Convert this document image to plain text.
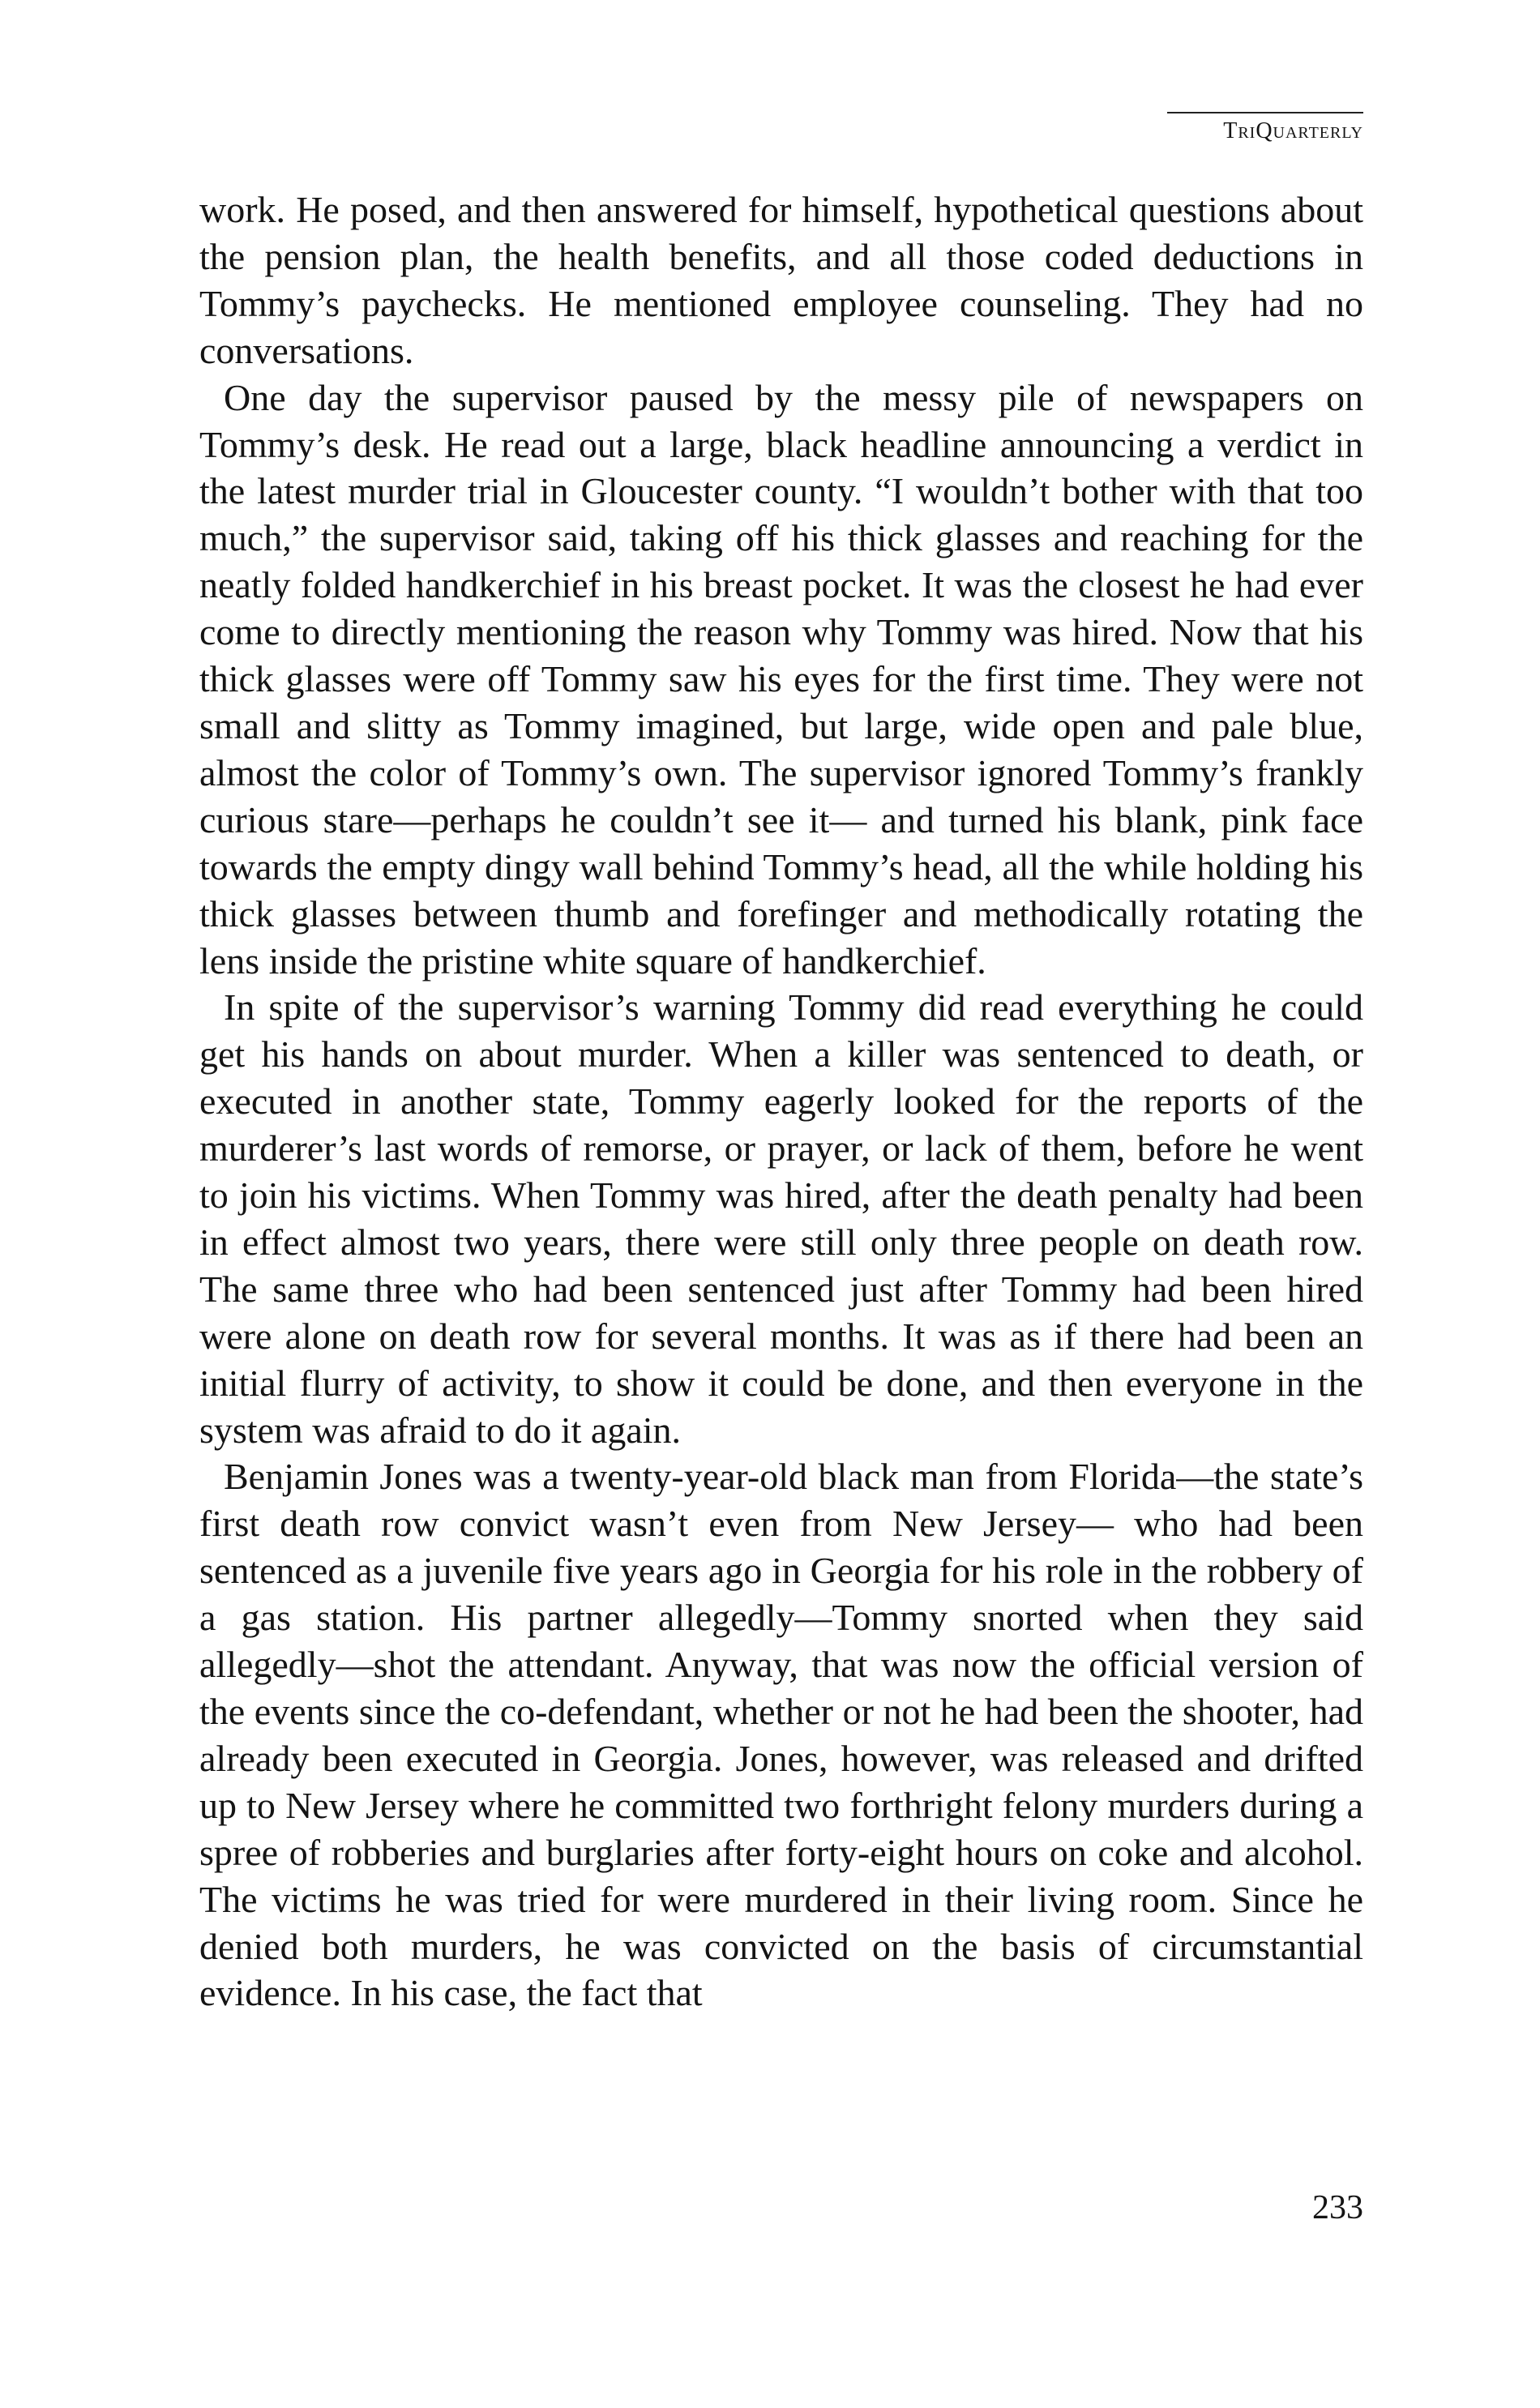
TriQuarterly

work. He posed, and then answered for himself, hypothetical questions about the pension plan, the health benefits, and all those coded deductions in Tommy’s paychecks. He mentioned employee counseling. They had no conversations.

One day the supervisor paused by the messy pile of newspapers on Tommy’s desk. He read out a large, black headline announcing a verdict in the latest murder trial in Gloucester county. “I wouldn’t bother with that too much,” the supervisor said, taking off his thick glasses and reaching for the neatly folded handkerchief in his breast pocket. It was the closest he had ever come to directly mentioning the reason why Tommy was hired. Now that his thick glasses were off Tommy saw his eyes for the first time. They were not small and slitty as Tommy imagined, but large, wide open and pale blue, almost the color of Tommy’s own. The supervisor ignored Tommy’s frankly curious stare—perhaps he couldn’t see it— and turned his blank, pink face towards the empty dingy wall behind Tommy’s head, all the while holding his thick glasses between thumb and forefinger and methodically rotating the lens inside the pristine white square of handkerchief.

In spite of the supervisor’s warning Tommy did read everything he could get his hands on about murder. When a killer was sentenced to death, or executed in another state, Tommy eagerly looked for the reports of the murderer’s last words of remorse, or prayer, or lack of them, before he went to join his victims. When Tommy was hired, after the death penalty had been in effect almost two years, there were still only three people on death row. The same three who had been sentenced just after Tommy had been hired were alone on death row for several months. It was as if there had been an initial flurry of activity, to show it could be done, and then everyone in the system was afraid to do it again.

Benjamin Jones was a twenty-year-old black man from Florida—the state’s first death row convict wasn’t even from New Jersey— who had been sentenced as a juvenile five years ago in Georgia for his role in the robbery of a gas station. His partner allegedly—Tommy snorted when they said allegedly—shot the attendant. Anyway, that was now the official version of the events since the co-defendant, whether or not he had been the shooter, had already been executed in Georgia. Jones, however, was released and drifted up to New Jersey where he committed two forthright felony murders during a spree of robberies and burglaries after forty-eight hours on coke and alcohol. The victims he was tried for were murdered in their living room. Since he denied both murders, he was convicted on the basis of circumstantial evidence. In his case, the fact that

233
